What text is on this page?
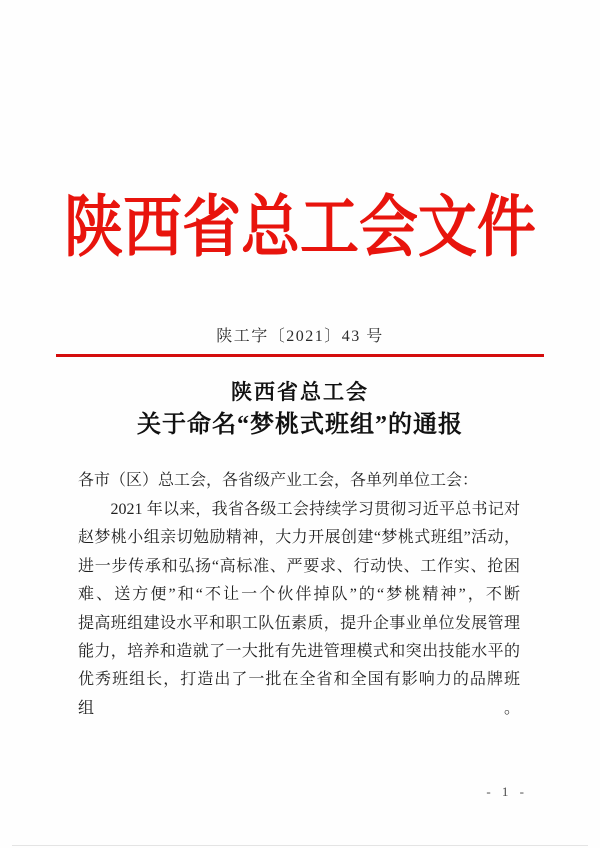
陕西省总工会文件
陕工字〔2021〕43 号
陕西省总工会
关于命名“梦桃式班组”的通报
各市（区）总工会，各省级产业工会，各单列单位工会：
　　2021 年以来，我省各级工会持续学习贯彻习近平总书记对
赵梦桃小组亲切勉励精神，大力开展创建“梦桃式班组”活动，
进一步传承和弘扬“高标准、严要求、行动快、工作实、抢困
难、送方便”和“不让一个伙伴掉队”的“梦桃精神”，不断
提高班组建设水平和职工队伍素质，提升企事业单位发展管理
能力，培养和造就了一大批有先进管理模式和突出技能水平的
优秀班组长，打造出了一批在全省和全国有影响力的品牌班组。
- 1 -
